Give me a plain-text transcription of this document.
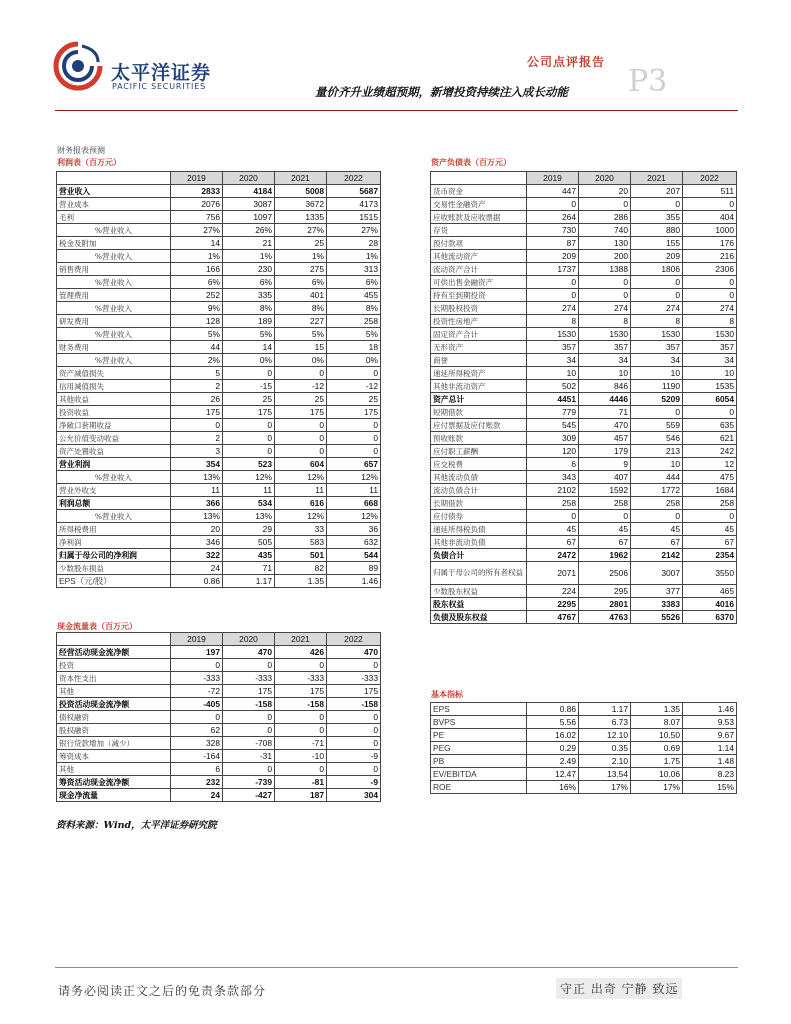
太平洋证券
PACIFIC SECURITIES
公司点评报告
量价齐升业绩超预期，新增投资持续注入成长动能 P3
财务报表预测
利润表（百万元）
	2019	2020	2021	2022
营业收入	2833	4184	5008	5687
营业成本	2076	3087	3672	4173
毛利	756	1097	1335	1515
%营业收入	27%	26%	27%	27%
税金及附加	14	21	25	28
%营业收入	1%	1%	1%	1%
销售费用	166	230	275	313
%营业收入	6%	6%	6%	6%
管理费用	252	335	401	455
%营业收入	9%	8%	8%	8%
研发费用	128	189	227	258
%营业收入	5%	5%	5%	5%
财务费用	44	14	15	18
%营业收入	2%	0%	0%	0%
资产减值损失	5	0	0	0
信用减值损失	2	-15	-12	-12
其他收益	26	25	25	25
投资收益	175	175	175	175
净敞口套期收益	0	0	0	0
公允价值变动收益	2	0	0	0
资产处置收益	3	0	0	0
营业利润	354	523	604	657
%营业收入	13%	12%	12%	12%
营业外收支	11	11	11	11
利润总额	366	534	616	668
%营业收入	13%	13%	12%	12%
所得税费用	20	29	33	36
净利润	346	505	583	632
归属于母公司的净利润	322	435	501	544
少数股东损益	24	71	82	89
EPS（元/股）	0.86	1.17	1.35	1.46
现金流量表（百万元）
	2019	2020	2021	2022
经营活动现金流净额	197	470	426	470
投资	0	0	0	0
资本性支出	-333	-333	-333	-333
其他	-72	175	175	175
投资活动现金流净额	-405	-158	-158	-158
债权融资	0	0	0	0
股权融资	62	0	0	0
银行贷款增加（减少）	328	-708	-71	0
筹资成本	-164	-31	-10	-9
其他	6	0	0	0
筹资活动现金流净额	232	-739	-81	-9
现金净流量	24	-427	187	304
资产负债表（百万元）
	2019	2020	2021	2022
货币资金	447	20	207	511
交易性金融资产	0	0	0	0
应收账款及应收票据	264	286	355	404
存货	730	740	880	1000
预付款项	87	130	155	176
其他流动资产	209	200	209	216
流动资产合计	1737	1388	1806	2306
可供出售金融资产	0	0	0	0
持有至到期投资	0	0	0	0
长期股权投资	274	274	274	274
投资性房地产	8	8	8	8
固定资产合计	1530	1530	1530	1530
无形资产	357	357	357	357
商誉	34	34	34	34
递延所得税资产	10	10	10	10
其他非流动资产	502	846	1190	1535
资产总计	4451	4446	5209	6054
短期借款	779	71	0	0
应付票据及应付账款	545	470	559	635
预收账款	309	457	546	621
应付职工薪酬	120	179	213	242
应交税费	6	9	10	12
其他流动负债	343	407	444	475
流动负债合计	2102	1592	1772	1684
长期借款	258	258	258	258
应付债券	0	0	0	0
递延所得税负债	45	45	45	45
其他非流动负债	67	67	67	67
负债合计	2472	1962	2142	2354
归属于母公司的所有者权益	2071	2506	3007	3550
少数股东权益	224	295	377	465
股东权益	2295	2801	3383	4016
负债及股东权益	4767	4763	5526	6370
基本指标
EPS	0.86	1.17	1.35	1.46
BVPS	5.56	6.73	8.07	9.53
PE	16.02	12.10	10.50	9.67
PEG	0.29	0.35	0.69	1.14
PB	2.49	2.10	1.75	1.48
EV/EBITDA	12.47	13.54	10.06	8.23
ROE	16%	17%	17%	15%
资料来源：Wind，太平洋证券研究院
请务必阅读正文之后的免责条款部分	守正 出奇 宁静 致远
